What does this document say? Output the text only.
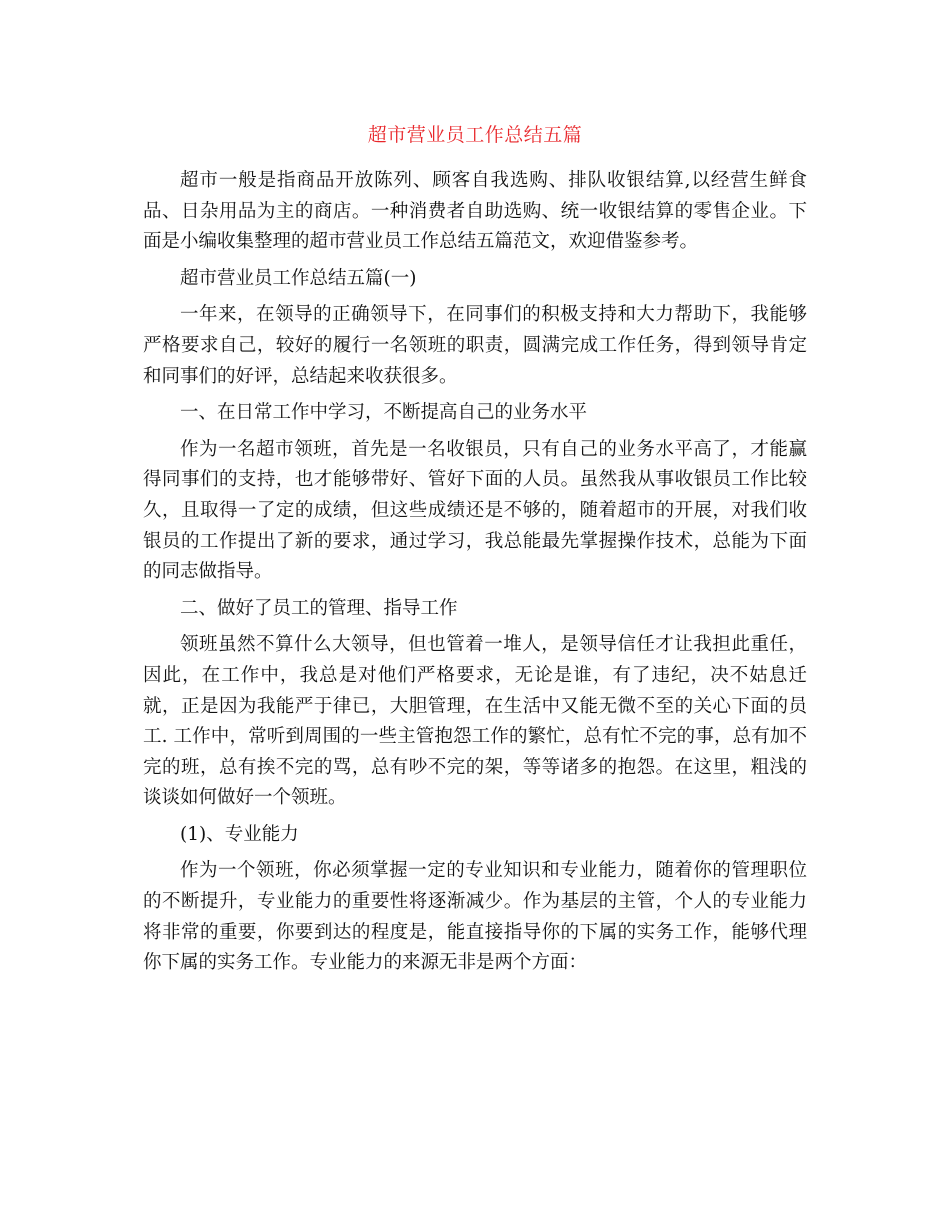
超市营业员工作总结五篇

超市一般是指商品开放陈列、顾客自我选购、排队收银结算,以经营生鲜食品、日杂用品为主的商店。一种消费者自助选购、统一收银结算的零售企业。下面是小编收集整理的超市营业员工作总结五篇范文，欢迎借鉴参考。

超市营业员工作总结五篇(一)

一年来，在领导的正确领导下，在同事们的积极支持和大力帮助下，我能够严格要求自己，较好的履行一名领班的职责，圆满完成工作任务，得到领导肯定和同事们的好评，总结起来收获很多。

一、在日常工作中学习，不断提高自己的业务水平

作为一名超市领班，首先是一名收银员，只有自己的业务水平高了，才能赢得同事们的支持，也才能够带好、管好下面的人员。虽然我从事收银员工作比较久，且取得一了定的成绩，但这些成绩还是不够的，随着超市的开展，对我们收银员的工作提出了新的要求，通过学习，我总能最先掌握操作技术，总能为下面的同志做指导。

二、做好了员工的管理、指导工作

领班虽然不算什么大领导，但也管着一堆人，是领导信任才让我担此重任，因此，在工作中，我总是对他们严格要求，无论是谁，有了违纪，决不姑息迁就，正是因为我能严于律已，大胆管理，在生活中又能无微不至的关心下面的员工. 工作中，常听到周围的一些主管抱怨工作的繁忙，总有忙不完的事，总有加不完的班，总有挨不完的骂，总有吵不完的架，等等诸多的抱怨。在这里，粗浅的谈谈如何做好一个领班。

(1)、专业能力

作为一个领班，你必须掌握一定的专业知识和专业能力，随着你的管理职位的不断提升，专业能力的重要性将逐渐减少。作为基层的主管，个人的专业能力将非常的重要，你要到达的程度是，能直接指导你的下属的实务工作，能够代理你下属的实务工作。专业能力的来源无非是两个方面：
